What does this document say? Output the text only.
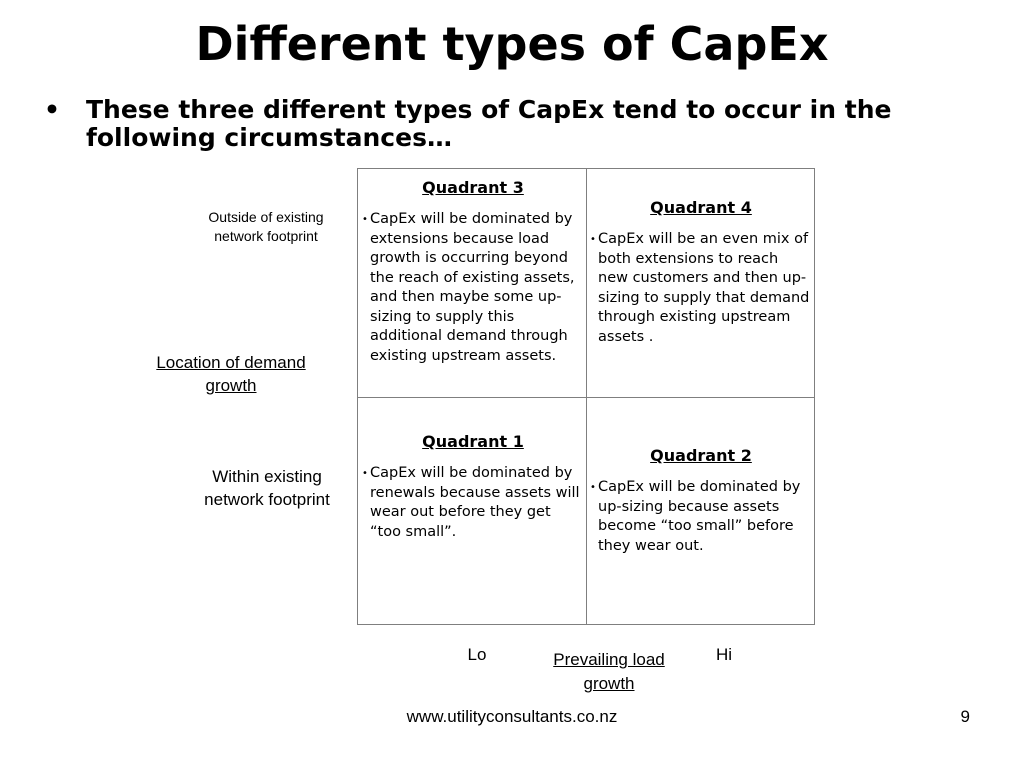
Different types of CapEx
•	These three different types of CapEx tend to occur in the following circumstances…
Outside of existing network footprint
Location of demand growth
Within existing network footprint
Quadrant 3
• CapEx will be dominated by extensions because load growth is occurring beyond the reach of existing assets, and then maybe some up-sizing to supply this additional demand through existing upstream assets.
Quadrant 4
• CapEx will be an even mix of both extensions to reach new customers and then up-sizing to supply that demand through existing upstream assets .
Quadrant 1
• CapEx will be dominated by renewals because assets will wear out before they get “too small”.
Quadrant 2
• CapEx will be dominated by up-sizing because assets become “too small” before they wear out.
Lo	Prevailing load growth
Hi
www.utilityconsultants.co.nz	9
